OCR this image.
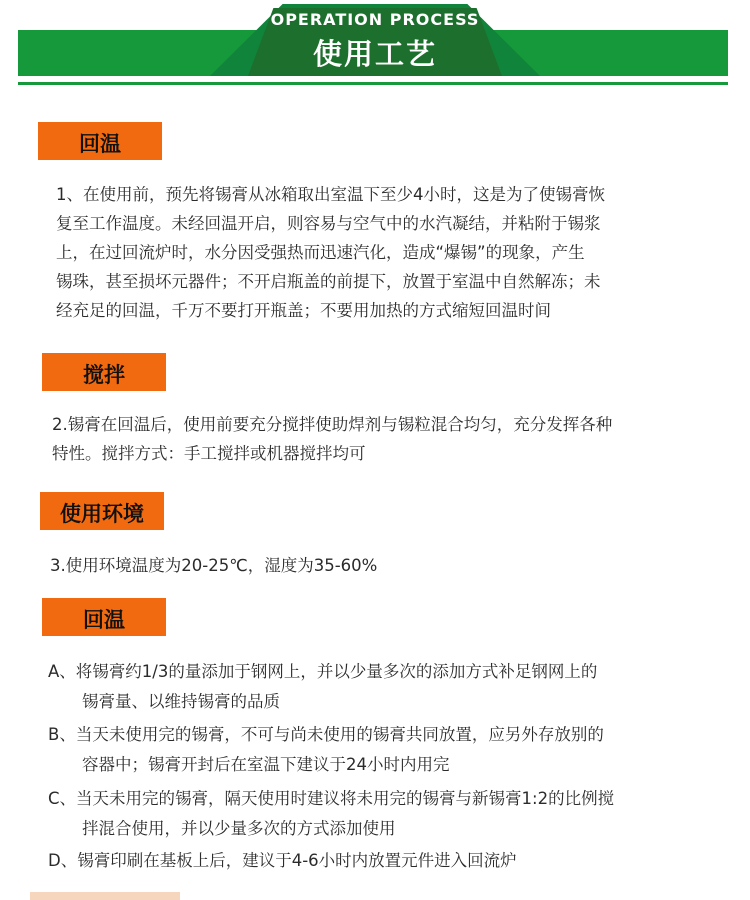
OPERATION PROCESS
使用工艺
回温
1、在使用前，预先将锡膏从冰箱取出室温下至少4小时，这是为了使锡膏恢
复至工作温度。未经回温开启，则容易与空气中的水汽凝结，并粘附于锡浆
上，在过回流炉时，水分因受强热而迅速汽化，造成“爆锡”的现象，产生
锡珠，甚至损坏元器件；不开启瓶盖的前提下，放置于室温中自然解冻；未
经充足的回温，千万不要打开瓶盖；不要用加热的方式缩短回温时间
搅拌
2.锡膏在回温后，使用前要充分搅拌使助焊剂与锡粒混合均匀，充分发挥各种
特性。搅拌方式：手工搅拌或机器搅拌均可
使用环境
3.使用环境温度为20-25℃，湿度为35-60%
回温
A、将锡膏约1/3的量添加于钢网上，并以少量多次的添加方式补足钢网上的
锡膏量、以维持锡膏的品质
B、当天未使用完的锡膏，不可与尚未使用的锡膏共同放置，应另外存放别的
容器中；锡膏开封后在室温下建议于24小时内用完
C、当天未用完的锡膏，隔天使用时建议将未用完的锡膏与新锡膏1:2的比例搅
拌混合使用，并以少量多次的方式添加使用
D、锡膏印刷在基板上后，建议于4-6小时内放置元件进入回流炉
